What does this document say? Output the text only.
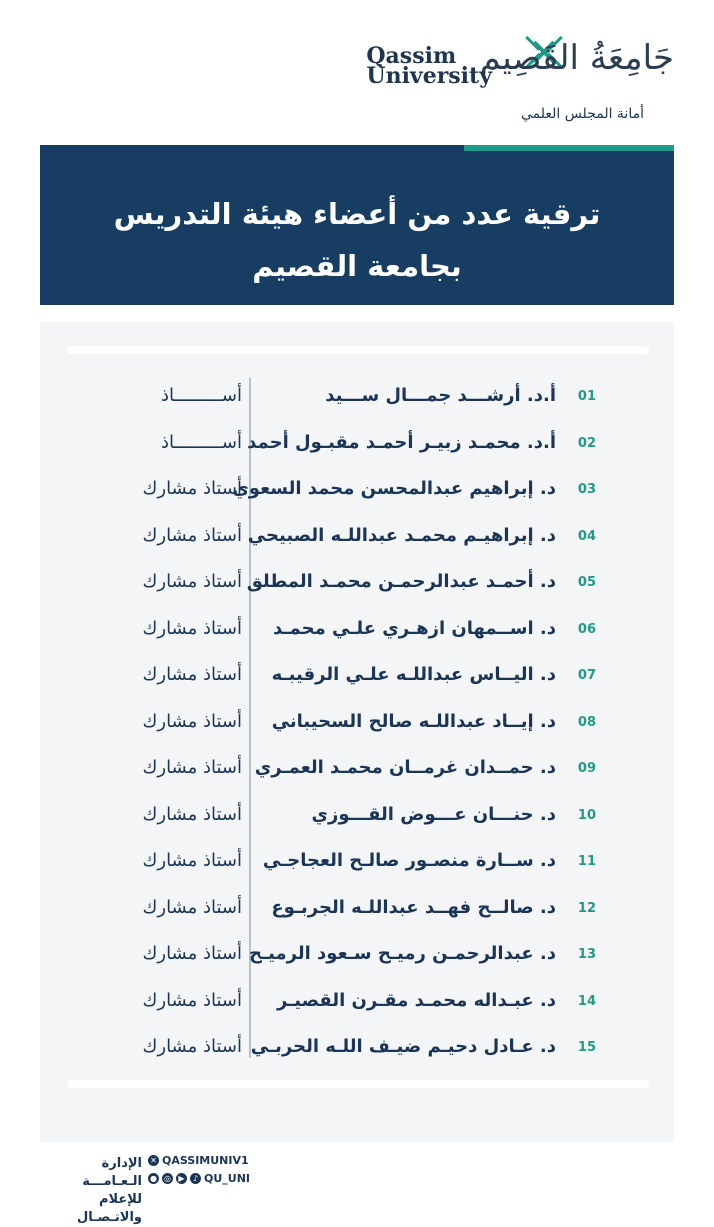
جَامِعَةُ القَصِيم
Qassim
University
أمانة المجلس العلمي
ترقية عدد من أعضاء هيئة التدريس
بجامعة القصيم
01
أ.د. أرشـــد جمـــال ســـيد
أســـــــــاذ
02
أ.د. محمـد زبيـر أحمـد مقبـول أحمد
أســـــــــاذ
03
د. إبراهيم عبدالمحسن محمد السعوي
أستاذ مشارك
04
د. إبراهيـم محمـد عبداللـه الصبيحي
أستاذ مشارك
05
د. أحمـد عبدالرحمـن محمـد المطلق
أستاذ مشارك
06
د. اســمهان ازهـري علـي محمـد
أستاذ مشارك
07
د. اليــاس عبداللـه علـي الرقيبـه
أستاذ مشارك
08
د. إيــاد عبداللـه صالح السحيباني
أستاذ مشارك
09
د. حمــدان غرمــان محمـد العمـري
أستاذ مشارك
10
د. حنـــان عـــوض القـــوزي
أستاذ مشارك
11
د. ســارة منصـور صالـح العجاجـي
أستاذ مشارك
12
د. صالــح فهــد عبداللـه الجربـوع
أستاذ مشارك
13
د. عبدالرحمـن رميـح سـعود الرميـح
أستاذ مشارك
14
د. عبـداله محمـد مقـرن القصيـر
أستاذ مشارك
15
د. عـادل دحيـم ضيـف اللـه الحربـي
أستاذ مشارك
الإدارة الـعـامـــة
للإعلام والاتـصـال
✕ QASSIMUNIV1
● ◎ ▶	♪ QU_UNI
